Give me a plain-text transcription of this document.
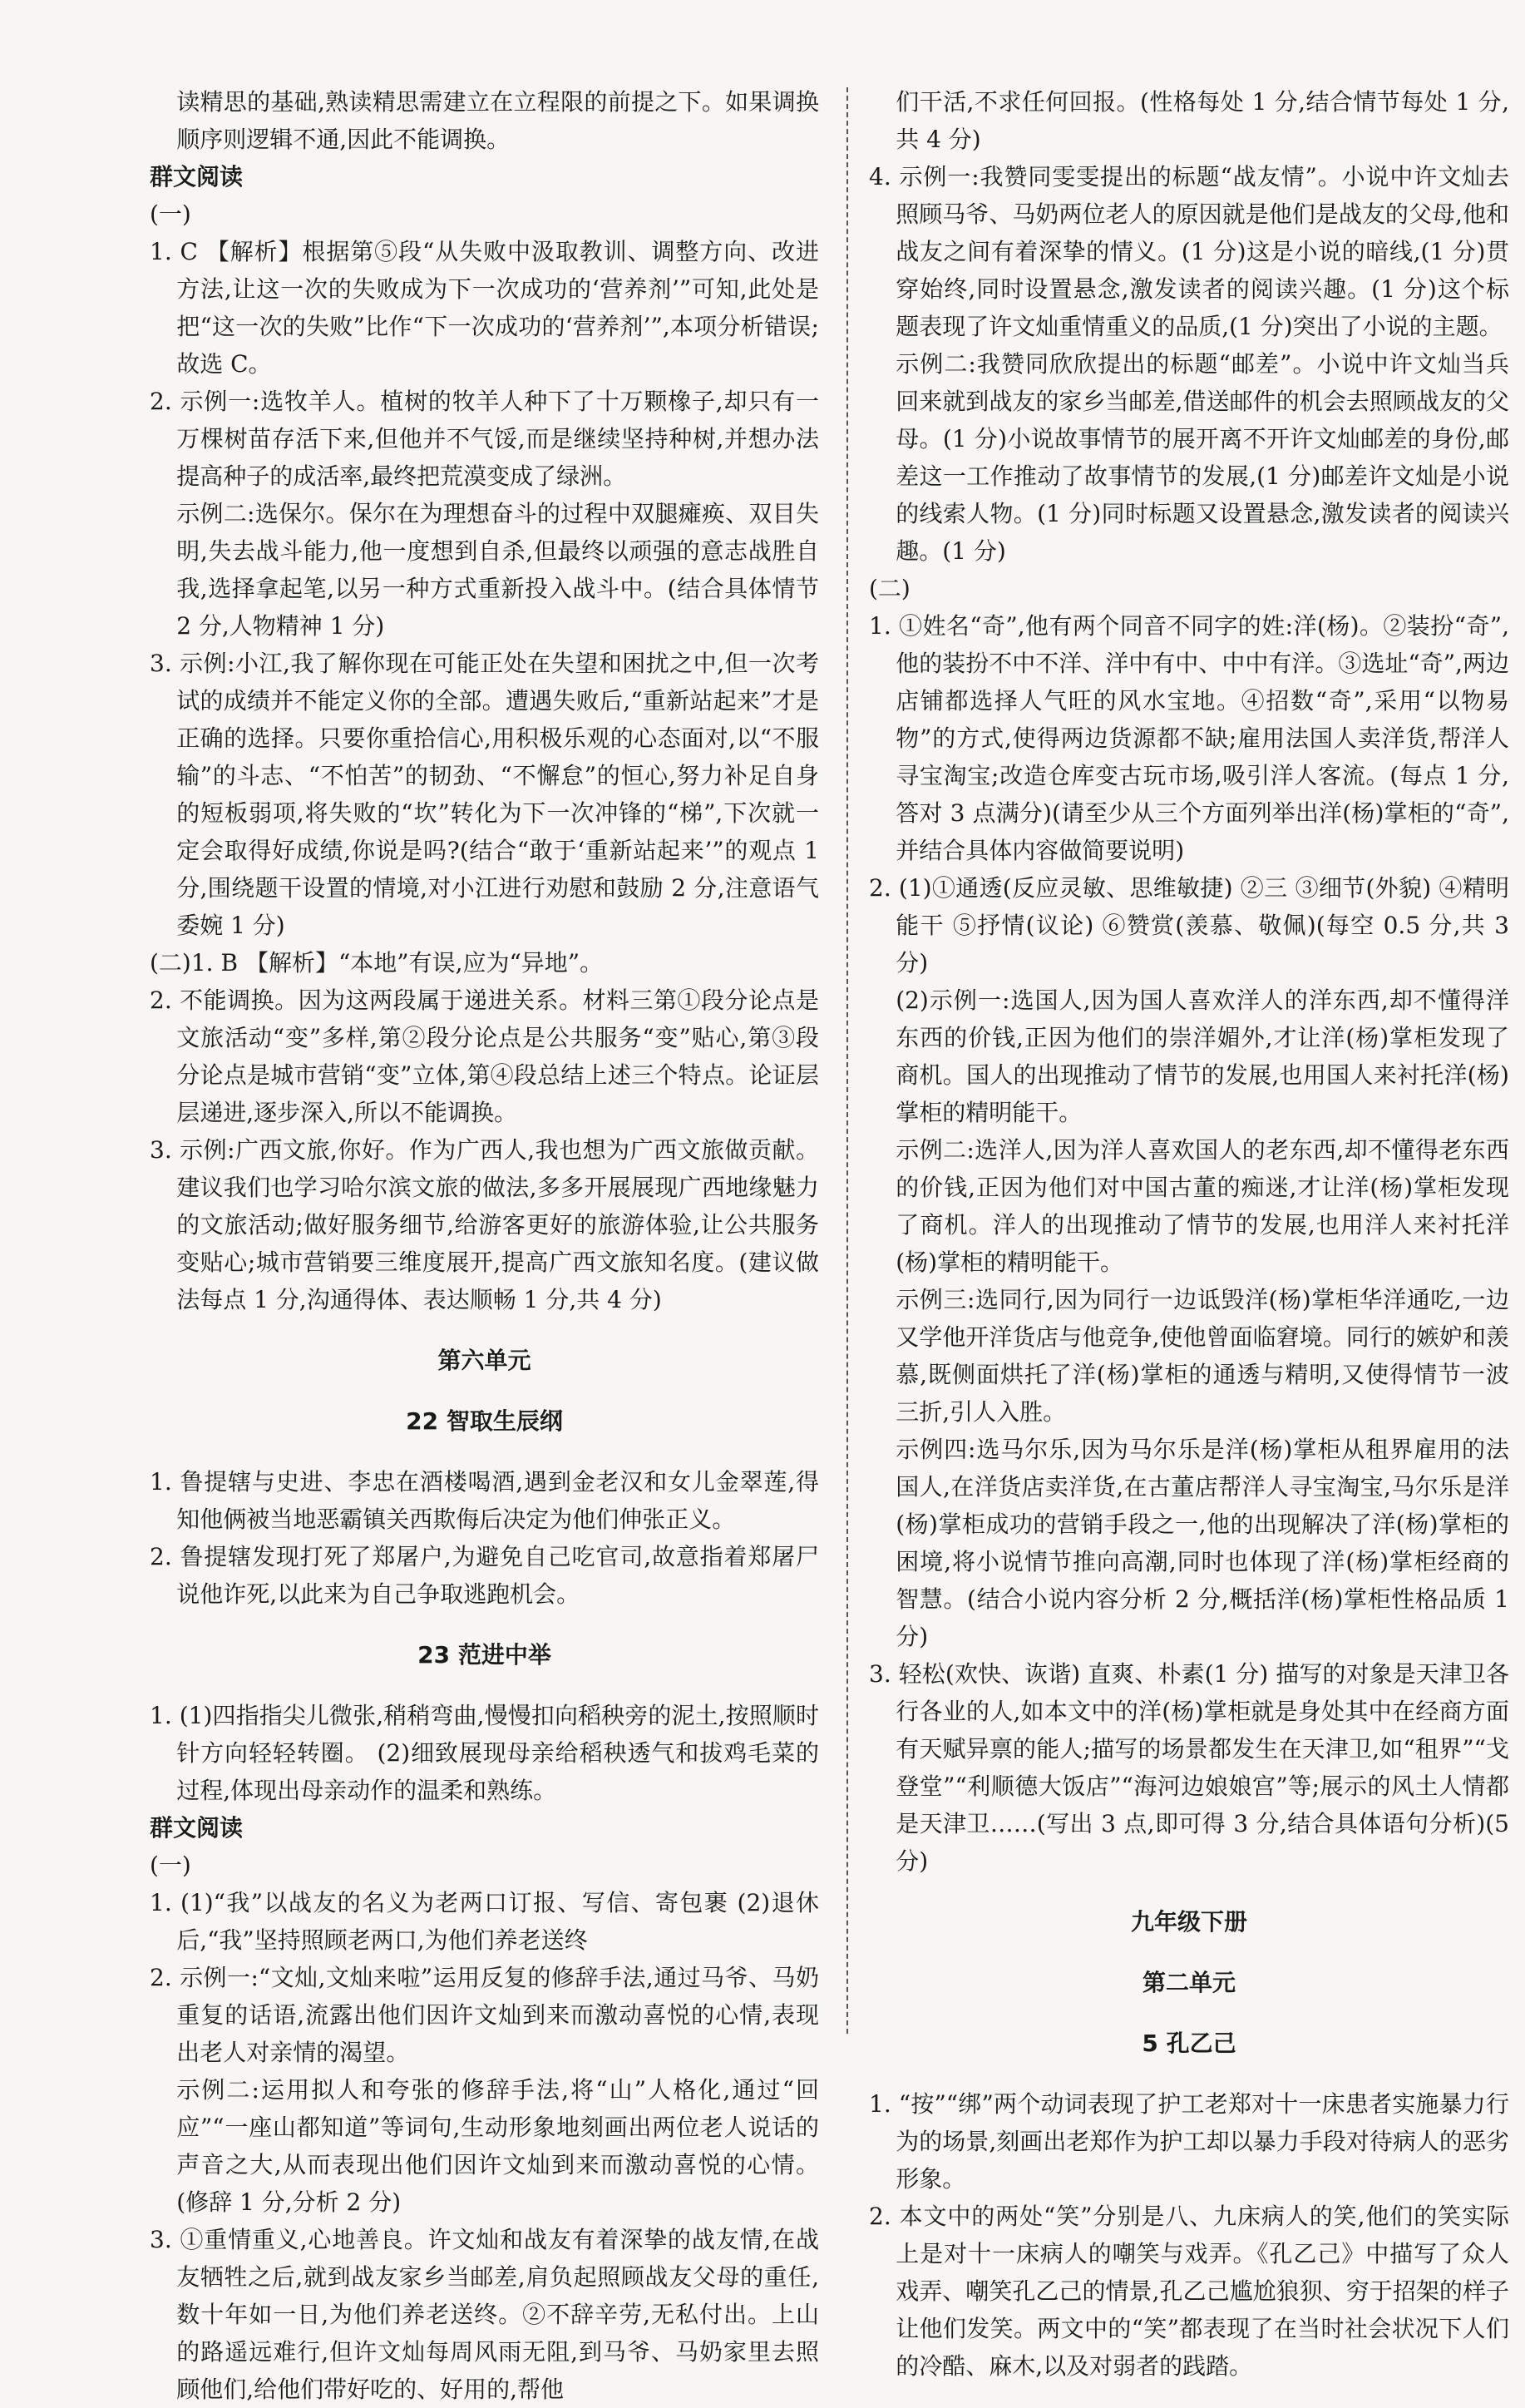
读精思的基础,熟读精思需建立在立程限的前提之下。如果调换顺序则逻辑不通,因此不能调换。

群文阅读

(一)

1. C 【解析】根据第⑤段“从失败中汲取教训、调整方向、改进方法,让这一次的失败成为下一次成功的‘营养剂’”可知,此处是把“这一次的失败”比作“下一次成功的‘营养剂’”,本项分析错误;故选 C。

2. 示例一:选牧羊人。植树的牧羊人种下了十万颗橡子,却只有一万棵树苗存活下来,但他并不气馁,而是继续坚持种树,并想办法提高种子的成活率,最终把荒漠变成了绿洲。

示例二:选保尔。保尔在为理想奋斗的过程中双腿瘫痪、双目失明,失去战斗能力,他一度想到自杀,但最终以顽强的意志战胜自我,选择拿起笔,以另一种方式重新投入战斗中。(结合具体情节 2 分,人物精神 1 分)

3. 示例:小江,我了解你现在可能正处在失望和困扰之中,但一次考试的成绩并不能定义你的全部。遭遇失败后,“重新站起来”才是正确的选择。只要你重拾信心,用积极乐观的心态面对,以“不服输”的斗志、“不怕苦”的韧劲、“不懈怠”的恒心,努力补足自身的短板弱项,将失败的“坎”转化为下一次冲锋的“梯”,下次就一定会取得好成绩,你说是吗?(结合“敢于‘重新站起来’”的观点 1 分,围绕题干设置的情境,对小江进行劝慰和鼓励 2 分,注意语气委婉 1 分)

(二)1. B 【解析】“本地”有误,应为“异地”。

2. 不能调换。因为这两段属于递进关系。材料三第①段分论点是文旅活动“变”多样,第②段分论点是公共服务“变”贴心,第③段分论点是城市营销“变”立体,第④段总结上述三个特点。论证层层递进,逐步深入,所以不能调换。

3. 示例:广西文旅,你好。作为广西人,我也想为广西文旅做贡献。建议我们也学习哈尔滨文旅的做法,多多开展展现广西地缘魅力的文旅活动;做好服务细节,给游客更好的旅游体验,让公共服务变贴心;城市营销要三维度展开,提高广西文旅知名度。(建议做法每点 1 分,沟通得体、表达顺畅 1 分,共 4 分)

第六单元

22 智取生辰纲

1. 鲁提辖与史进、李忠在酒楼喝酒,遇到金老汉和女儿金翠莲,得知他俩被当地恶霸镇关西欺侮后决定为他们伸张正义。

2. 鲁提辖发现打死了郑屠户,为避免自己吃官司,故意指着郑屠尸说他诈死,以此来为自己争取逃跑机会。

23 范进中举

1. (1)四指指尖儿微张,稍稍弯曲,慢慢扣向稻秧旁的泥土,按照顺时针方向轻轻转圈。 (2)细致展现母亲给稻秧透气和拔鸡毛菜的过程,体现出母亲动作的温柔和熟练。

群文阅读

(一)

1. (1)“我”以战友的名义为老两口订报、写信、寄包裹 (2)退休后,“我”坚持照顾老两口,为他们养老送终

2. 示例一:“文灿,文灿来啦”运用反复的修辞手法,通过马爷、马奶重复的话语,流露出他们因许文灿到来而激动喜悦的心情,表现出老人对亲情的渴望。

示例二:运用拟人和夸张的修辞手法,将“山”人格化,通过“回应”“一座山都知道”等词句,生动形象地刻画出两位老人说话的声音之大,从而表现出他们因许文灿到来而激动喜悦的心情。(修辞 1 分,分析 2 分)

3. ①重情重义,心地善良。许文灿和战友有着深挚的战友情,在战友牺牲之后,就到战友家乡当邮差,肩负起照顾战友父母的重任,数十年如一日,为他们养老送终。②不辞辛劳,无私付出。上山的路遥远难行,但许文灿每周风雨无阻,到马爷、马奶家里去照顾他们,给他们带好吃的、好用的,帮他

们干活,不求任何回报。(性格每处 1 分,结合情节每处 1 分,共 4 分)

4. 示例一:我赞同雯雯提出的标题“战友情”。小说中许文灿去照顾马爷、马奶两位老人的原因就是他们是战友的父母,他和战友之间有着深挚的情义。(1 分)这是小说的暗线,(1 分)贯穿始终,同时设置悬念,激发读者的阅读兴趣。(1 分)这个标题表现了许文灿重情重义的品质,(1 分)突出了小说的主题。

示例二:我赞同欣欣提出的标题“邮差”。小说中许文灿当兵回来就到战友的家乡当邮差,借送邮件的机会去照顾战友的父母。(1 分)小说故事情节的展开离不开许文灿邮差的身份,邮差这一工作推动了故事情节的发展,(1 分)邮差许文灿是小说的线索人物。(1 分)同时标题又设置悬念,激发读者的阅读兴趣。(1 分)

(二)

1. ①姓名“奇”,他有两个同音不同字的姓:洋(杨)。②装扮“奇”,他的装扮不中不洋、洋中有中、中中有洋。③选址“奇”,两边店铺都选择人气旺的风水宝地。④招数“奇”,采用“以物易物”的方式,使得两边货源都不缺;雇用法国人卖洋货,帮洋人寻宝淘宝;改造仓库变古玩市场,吸引洋人客流。(每点 1 分,答对 3 点满分)(请至少从三个方面列举出洋(杨)掌柜的“奇”,并结合具体内容做简要说明)

2. (1)①通透(反应灵敏、思维敏捷) ②三 ③细节(外貌) ④精明能干 ⑤抒情(议论) ⑥赞赏(羡慕、敬佩)(每空 0.5 分,共 3 分)

(2)示例一:选国人,因为国人喜欢洋人的洋东西,却不懂得洋东西的价钱,正因为他们的崇洋媚外,才让洋(杨)掌柜发现了商机。国人的出现推动了情节的发展,也用国人来衬托洋(杨)掌柜的精明能干。

示例二:选洋人,因为洋人喜欢国人的老东西,却不懂得老东西的价钱,正因为他们对中国古董的痴迷,才让洋(杨)掌柜发现了商机。洋人的出现推动了情节的发展,也用洋人来衬托洋(杨)掌柜的精明能干。

示例三:选同行,因为同行一边诋毁洋(杨)掌柜华洋通吃,一边又学他开洋货店与他竞争,使他曾面临窘境。同行的嫉妒和羡慕,既侧面烘托了洋(杨)掌柜的通透与精明,又使得情节一波三折,引人入胜。

示例四:选马尔乐,因为马尔乐是洋(杨)掌柜从租界雇用的法国人,在洋货店卖洋货,在古董店帮洋人寻宝淘宝,马尔乐是洋(杨)掌柜成功的营销手段之一,他的出现解决了洋(杨)掌柜的困境,将小说情节推向高潮,同时也体现了洋(杨)掌柜经商的智慧。(结合小说内容分析 2 分,概括洋(杨)掌柜性格品质 1 分)

3. 轻松(欢快、诙谐) 直爽、朴素(1 分) 描写的对象是天津卫各行各业的人,如本文中的洋(杨)掌柜就是身处其中在经商方面有天赋异禀的能人;描写的场景都发生在天津卫,如“租界”“戈登堂”“利顺德大饭店”“海河边娘娘宫”等;展示的风土人情都是天津卫……(写出 3 点,即可得 3 分,结合具体语句分析)(5 分)

九年级下册

第二单元

5 孔乙己

1. “按”“绑”两个动词表现了护工老郑对十一床患者实施暴力行为的场景,刻画出老郑作为护工却以暴力手段对待病人的恶劣形象。

2. 本文中的两处“笑”分别是八、九床病人的笑,他们的笑实际上是对十一床病人的嘲笑与戏弄。《孔乙己》中描写了众人戏弄、嘲笑孔乙己的情景,孔乙己尴尬狼狈、穷于招架的样子让他们发笑。两文中的“笑”都表现了在当时社会状况下人们的冷酷、麻木,以及对弱者的践踏。
